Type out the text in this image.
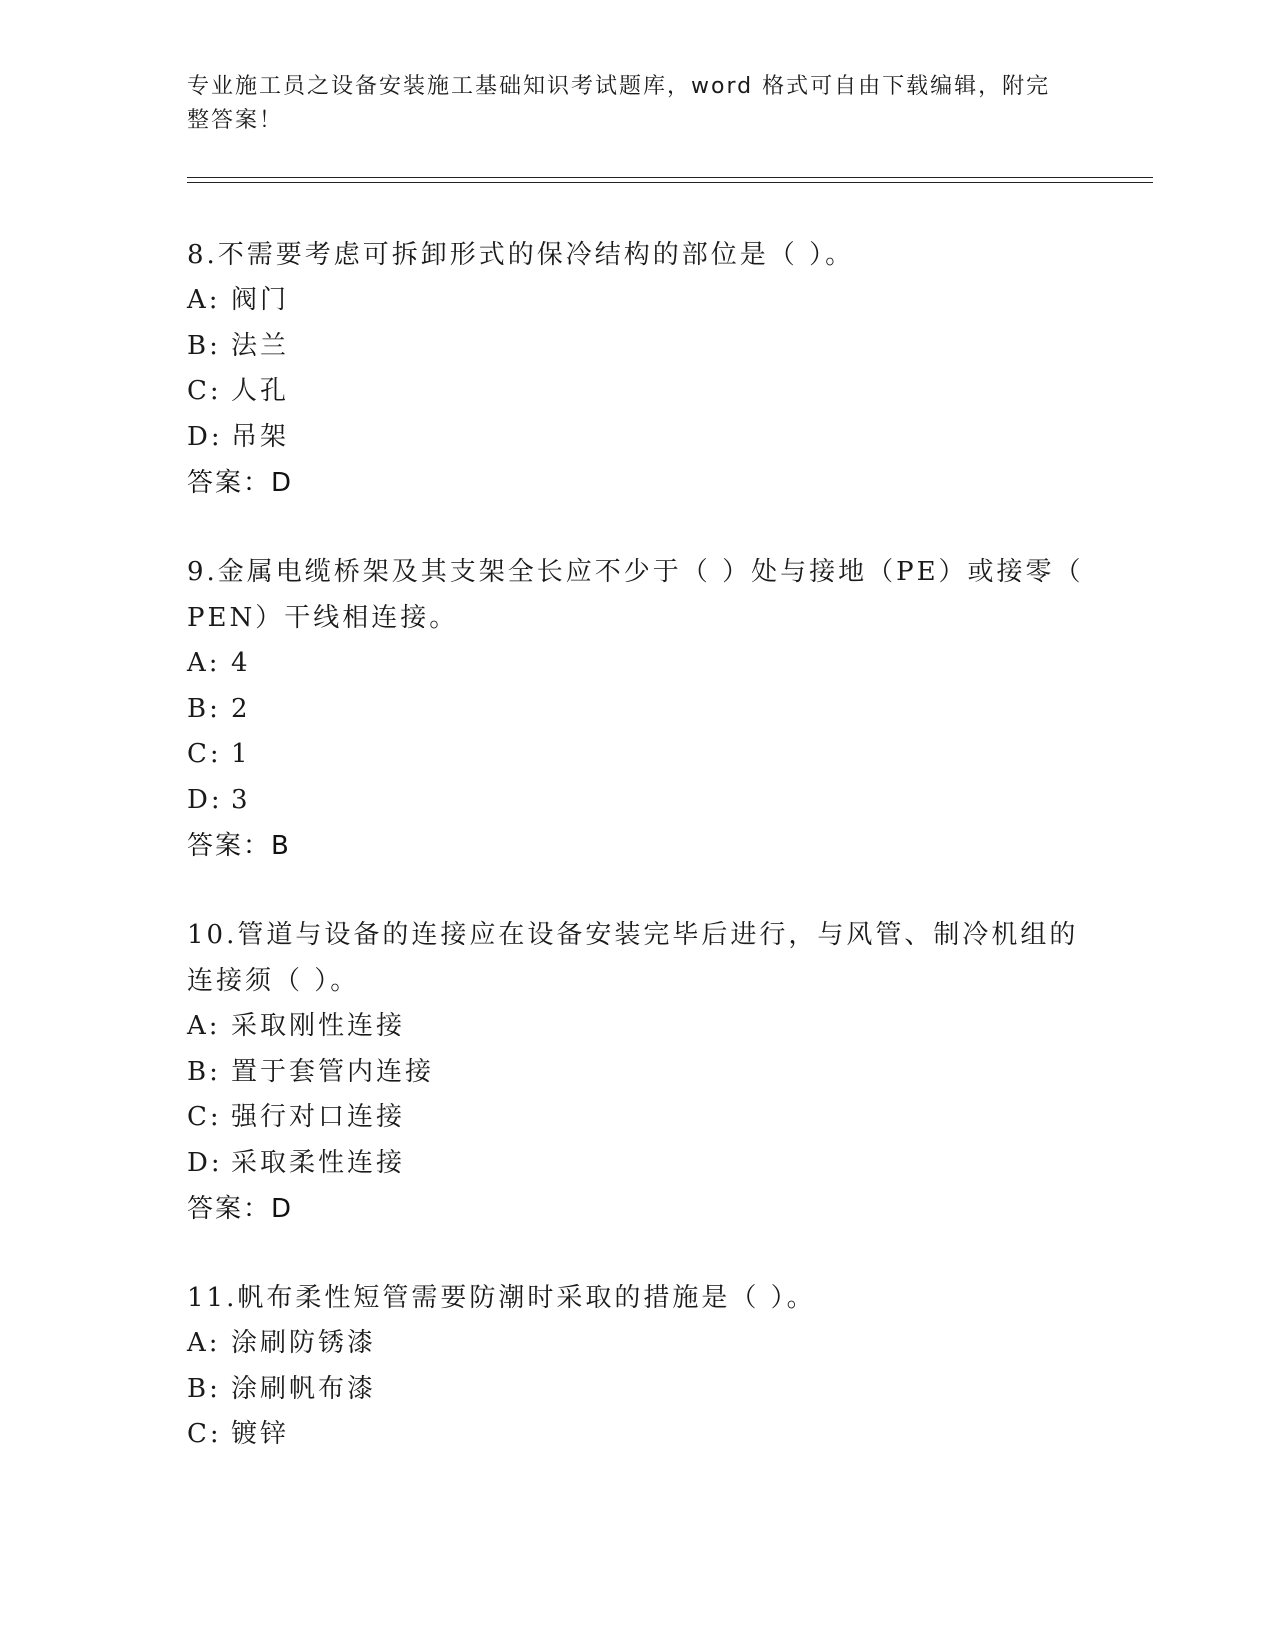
专业施工员之设备安装施工基础知识考试题库，word 格式可自由下载编辑，附完
整答案！
8.不需要考虑可拆卸形式的保冷结构的部位是（ ）。
A: 阀门
B: 法兰
C: 人孔
D: 吊架
答案：D
9.金属电缆桥架及其支架全长应不少于（ ）处与接地（PE）或接零（
PEN）干线相连接。
A: 4
B: 2
C: 1
D: 3
答案：B
10.管道与设备的连接应在设备安装完毕后进行，与风管、制冷机组的
连接须（ ）。
A: 采取刚性连接
B: 置于套管内连接
C: 强行对口连接
D: 采取柔性连接
答案：D
11.帆布柔性短管需要防潮时采取的措施是（ ）。
A: 涂刷防锈漆
B: 涂刷帆布漆
C: 镀锌
